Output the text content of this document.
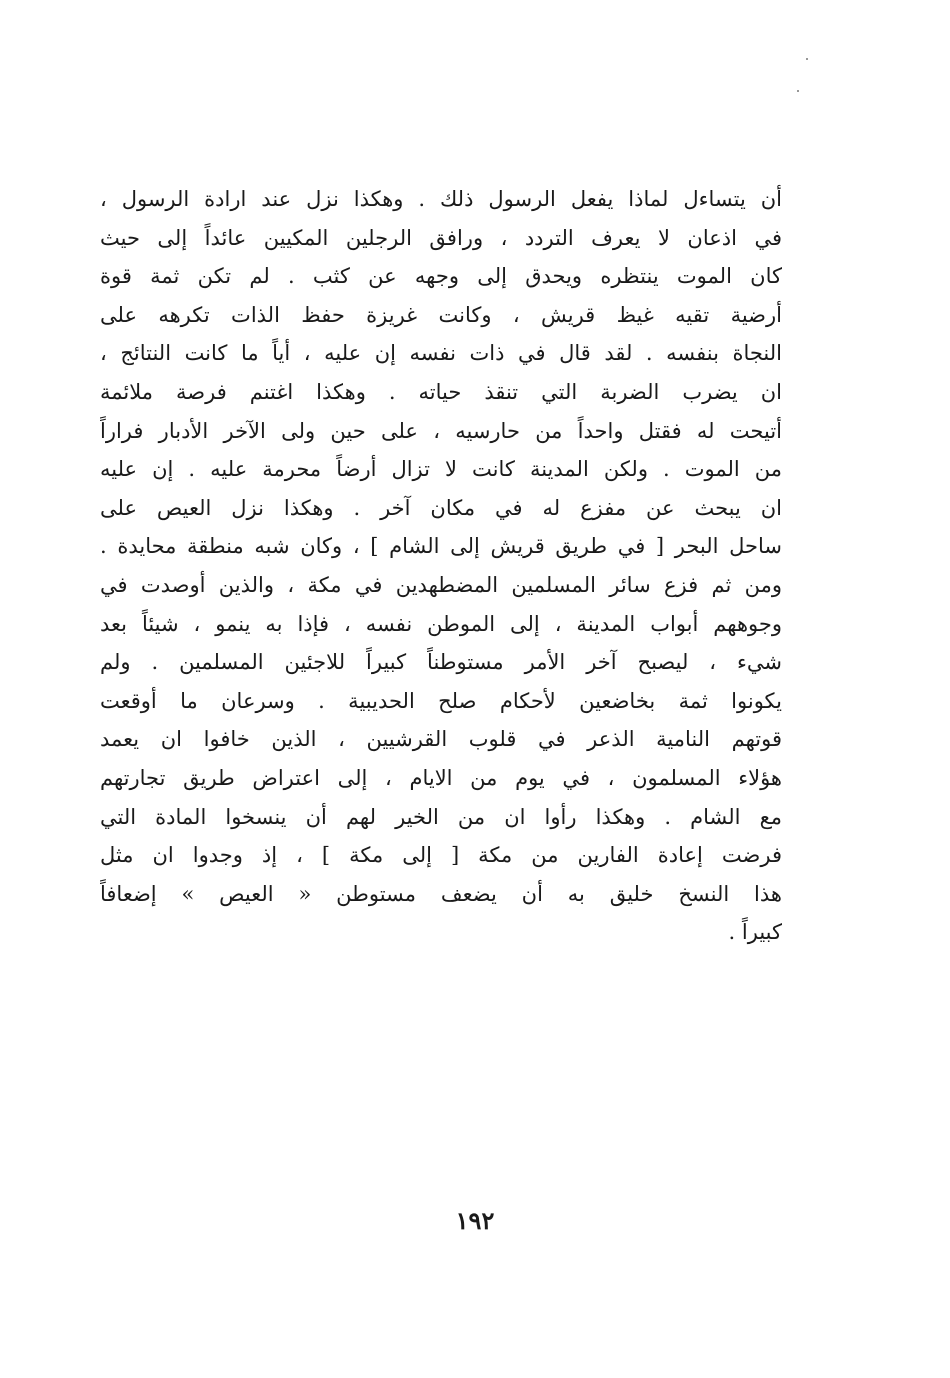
أن يتساءل لماذا يفعل الرسول ذلك . وهكذا نزل عند ارادة الرسول ،
في اذعان لا يعرف التردد ، ورافق الرجلين المكيين عائداً إلى حيث
كان الموت ينتظره ويحدق إلى وجهه عن كثب . لم تكن ثمة قوة
أرضية تقيه غيظ قريش ، وكانت غريزة حفظ الذات تكرهه على
النجاة بنفسه . لقد قال في ذات نفسه إن عليه ، أياً ما كانت النتائج ،
ان يضرب الضربة التي تنقذ حياته . وهكذا اغتنم فرصة ملائمة
أتيحت له فقتل واحداً من حارسيه ، على حين ولى الآخر الأدبار فراراً
من الموت . ولكن المدينة كانت لا تزال أرضاً محرمة عليه . إن عليه
ان يبحث عن مفزع له في مكان آخر . وهكذا نزل العيص على
ساحل البحر [ في طريق قريش إلى الشام ] ، وكان شبه منطقة محايدة .
ومن ثم فزع سائر المسلمين المضطهدين في مكة ، والذين أوصدت في
وجوههم أبواب المدينة ، إلى الموطن نفسه ، فإذا به ينمو ، شيئاً بعد
شيء ، ليصبح آخر الأمر مستوطناً كبيراً للاجئين المسلمين . ولم
يكونوا ثمة بخاضعين لأحكام صلح الحديبية . وسرعان ما أوقعت
قوتهم النامية الذعر في قلوب القرشيين ، الذين خافوا ان يعمد
هؤلاء المسلمون ، في يوم من الايام ، إلى اعتراض طريق تجارتهم
مع الشام . وهكذا رأوا ان من الخير لهم أن ينسخوا المادة التي
فرضت إعادة الفارين من مكة [ إلى مكة ] ، إذ وجدوا ان مثل
هذا النسخ خليق به أن يضعف مستوطن « العيص » إضعافاً
كبيراً .
١٩٢
